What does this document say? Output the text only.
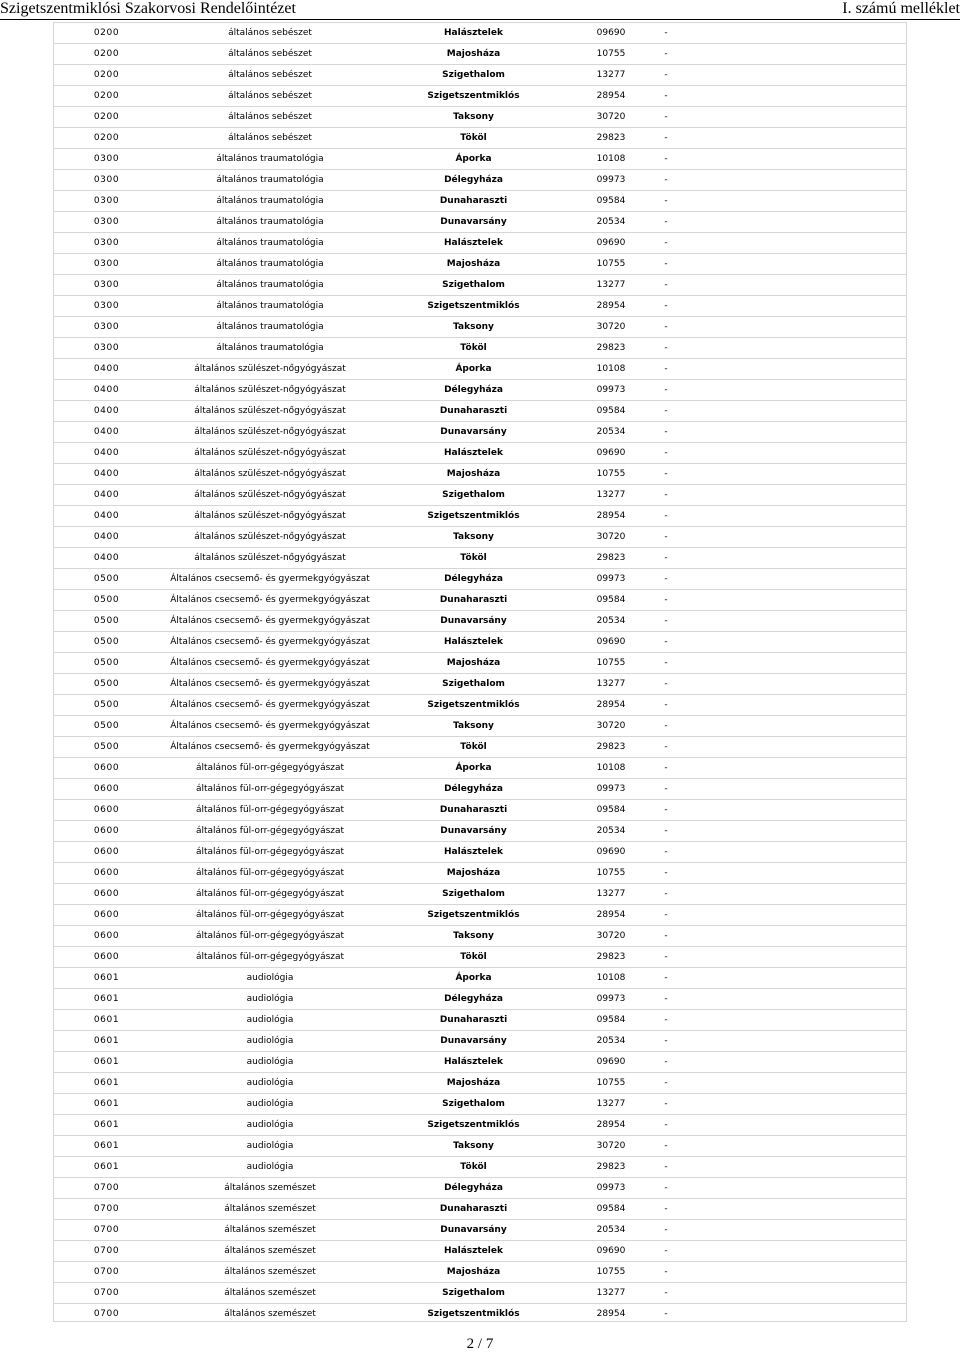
Szigetszentmiklósi Szakorvosi Rendelőintézet	I. számú melléklet
0200	általános sebészet	Halásztelek	09690	-	
0200	általános sebészet	Majosháza	10755	-	
0200	általános sebészet	Szigethalom	13277	-	
0200	általános sebészet	Szigetszentmiklós	28954	-	
0200	általános sebészet	Taksony	30720	-	
0200	általános sebészet	Tököl	29823	-	
0300	általános traumatológia	Áporka	10108	-	
0300	általános traumatológia	Délegyháza	09973	-	
0300	általános traumatológia	Dunaharaszti	09584	-	
0300	általános traumatológia	Dunavarsány	20534	-	
0300	általános traumatológia	Halásztelek	09690	-	
0300	általános traumatológia	Majosháza	10755	-	
0300	általános traumatológia	Szigethalom	13277	-	
0300	általános traumatológia	Szigetszentmiklós	28954	-	
0300	általános traumatológia	Taksony	30720	-	
0300	általános traumatológia	Tököl	29823	-	
0400	általános szülészet-nőgyógyászat	Áporka	10108	-	
0400	általános szülészet-nőgyógyászat	Délegyháza	09973	-	
0400	általános szülészet-nőgyógyászat	Dunaharaszti	09584	-	
0400	általános szülészet-nőgyógyászat	Dunavarsány	20534	-	
0400	általános szülészet-nőgyógyászat	Halásztelek	09690	-	
0400	általános szülészet-nőgyógyászat	Majosháza	10755	-	
0400	általános szülészet-nőgyógyászat	Szigethalom	13277	-	
0400	általános szülészet-nőgyógyászat	Szigetszentmiklós	28954	-	
0400	általános szülészet-nőgyógyászat	Taksony	30720	-	
0400	általános szülészet-nőgyógyászat	Tököl	29823	-	
0500	Általános csecsemő- és gyermekgyógyászat	Délegyháza	09973	-	
0500	Általános csecsemő- és gyermekgyógyászat	Dunaharaszti	09584	-	
0500	Általános csecsemő- és gyermekgyógyászat	Dunavarsány	20534	-	
0500	Általános csecsemő- és gyermekgyógyászat	Halásztelek	09690	-	
0500	Általános csecsemő- és gyermekgyógyászat	Majosháza	10755	-	
0500	Általános csecsemő- és gyermekgyógyászat	Szigethalom	13277	-	
0500	Általános csecsemő- és gyermekgyógyászat	Szigetszentmiklós	28954	-	
0500	Általános csecsemő- és gyermekgyógyászat	Taksony	30720	-	
0500	Általános csecsemő- és gyermekgyógyászat	Tököl	29823	-	
0600	általános fül-orr-gégegyógyászat	Áporka	10108	-	
0600	általános fül-orr-gégegyógyászat	Délegyháza	09973	-	
0600	általános fül-orr-gégegyógyászat	Dunaharaszti	09584	-	
0600	általános fül-orr-gégegyógyászat	Dunavarsány	20534	-	
0600	általános fül-orr-gégegyógyászat	Halásztelek	09690	-	
0600	általános fül-orr-gégegyógyászat	Majosháza	10755	-	
0600	általános fül-orr-gégegyógyászat	Szigethalom	13277	-	
0600	általános fül-orr-gégegyógyászat	Szigetszentmiklós	28954	-	
0600	általános fül-orr-gégegyógyászat	Taksony	30720	-	
0600	általános fül-orr-gégegyógyászat	Tököl	29823	-	
0601	audiológia	Áporka	10108	-	
0601	audiológia	Délegyháza	09973	-	
0601	audiológia	Dunaharaszti	09584	-	
0601	audiológia	Dunavarsány	20534	-	
0601	audiológia	Halásztelek	09690	-	
0601	audiológia	Majosháza	10755	-	
0601	audiológia	Szigethalom	13277	-	
0601	audiológia	Szigetszentmiklós	28954	-	
0601	audiológia	Taksony	30720	-	
0601	audiológia	Tököl	29823	-	
0700	általános szemészet	Délegyháza	09973	-	
0700	általános szemészet	Dunaharaszti	09584	-	
0700	általános szemészet	Dunavarsány	20534	-	
0700	általános szemészet	Halásztelek	09690	-	
0700	általános szemészet	Majosháza	10755	-	
0700	általános szemészet	Szigethalom	13277	-	
0700	általános szemészet	Szigetszentmiklós	28954	-	
2 / 7
